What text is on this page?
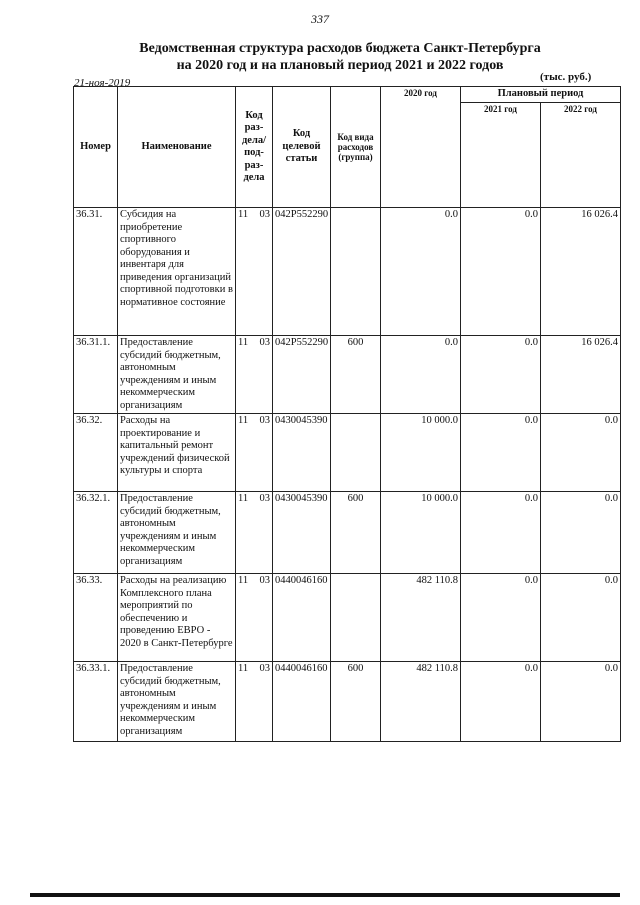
337
Ведомственная структура расходов бюджета Санкт-Петербурга
на 2020 год и на плановый период 2021 и 2022 годов
21-ноя-2019	(тыс. руб.)
Номер	Наименование	Код раз- дела/ под- раз- дела	Код целевой статьи	Код вида расходов (группа)	2020 год	Плановый период	
						2021 год	2022 год
36.31.	Субсидия на приобретение спортивного оборудования и инвентаря для приведения организаций спортивной подготовки в нормативное состояние	11 03	042P552290		0.0	0.0	16 026.4
36.31.1.	Предоставление субсидий бюджетным, автономным учреждениям и иным некоммерческим организациям	11 03	042P552290	600	0.0	0.0	16 026.4
36.32.	Расходы на проектирование и капитальный ремонт учреждений физической культуры и спорта	11 03	0430045390		10 000.0	0.0	0.0
36.32.1.	Предоставление субсидий бюджетным, автономным учреждениям и иным некоммерческим организациям	11 03	0430045390	600	10 000.0	0.0	0.0
36.33.	Расходы на реализацию Комплексного плана мероприятий по обеспечению и проведению ЕВРО - 2020 в Санкт-Петербурге	11 03	0440046160		482 110.8	0.0	0.0
36.33.1.	Предоставление субсидий бюджетным, автономным учреждениям и иным некоммерческим организациям	11 03	0440046160	600	482 110.8	0.0	0.0
